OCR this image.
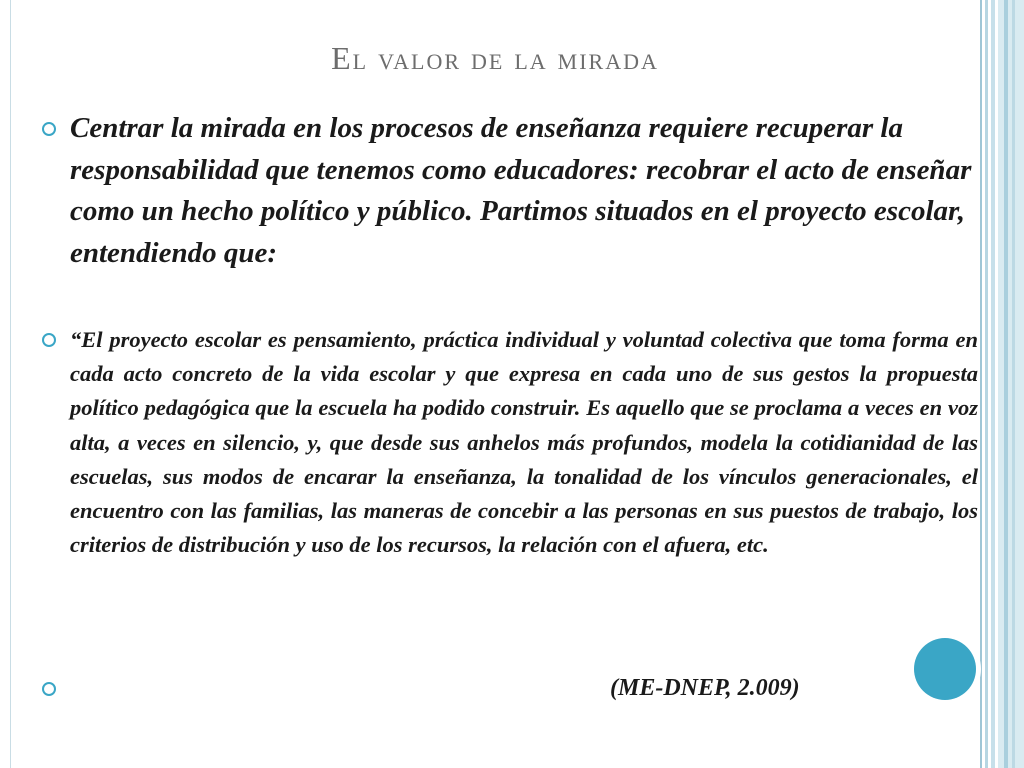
El valor de la mirada
Centrar la mirada en los procesos de enseñanza requiere recuperar la responsabilidad que tenemos como educadores: recobrar el acto de enseñar como un hecho político y público. Partimos situados en el proyecto escolar, entendiendo que:
“El proyecto escolar es pensamiento, práctica individual y voluntad colectiva que toma forma en cada acto concreto de la vida escolar y que expresa en cada uno de sus gestos la propuesta político pedagógica que la escuela ha podido construir. Es aquello que se proclama a veces en voz alta, a veces en silencio, y, que desde sus anhelos más profundos, modela la cotidianidad de las escuelas, sus modos de encarar la enseñanza, la tonalidad de los vínculos generacionales, el encuentro con las familias, las maneras de concebir a las personas en sus puestos de trabajo, los criterios de distribución y uso de los recursos, la relación con el afuera, etc.
(ME-DNEP, 2.009)
